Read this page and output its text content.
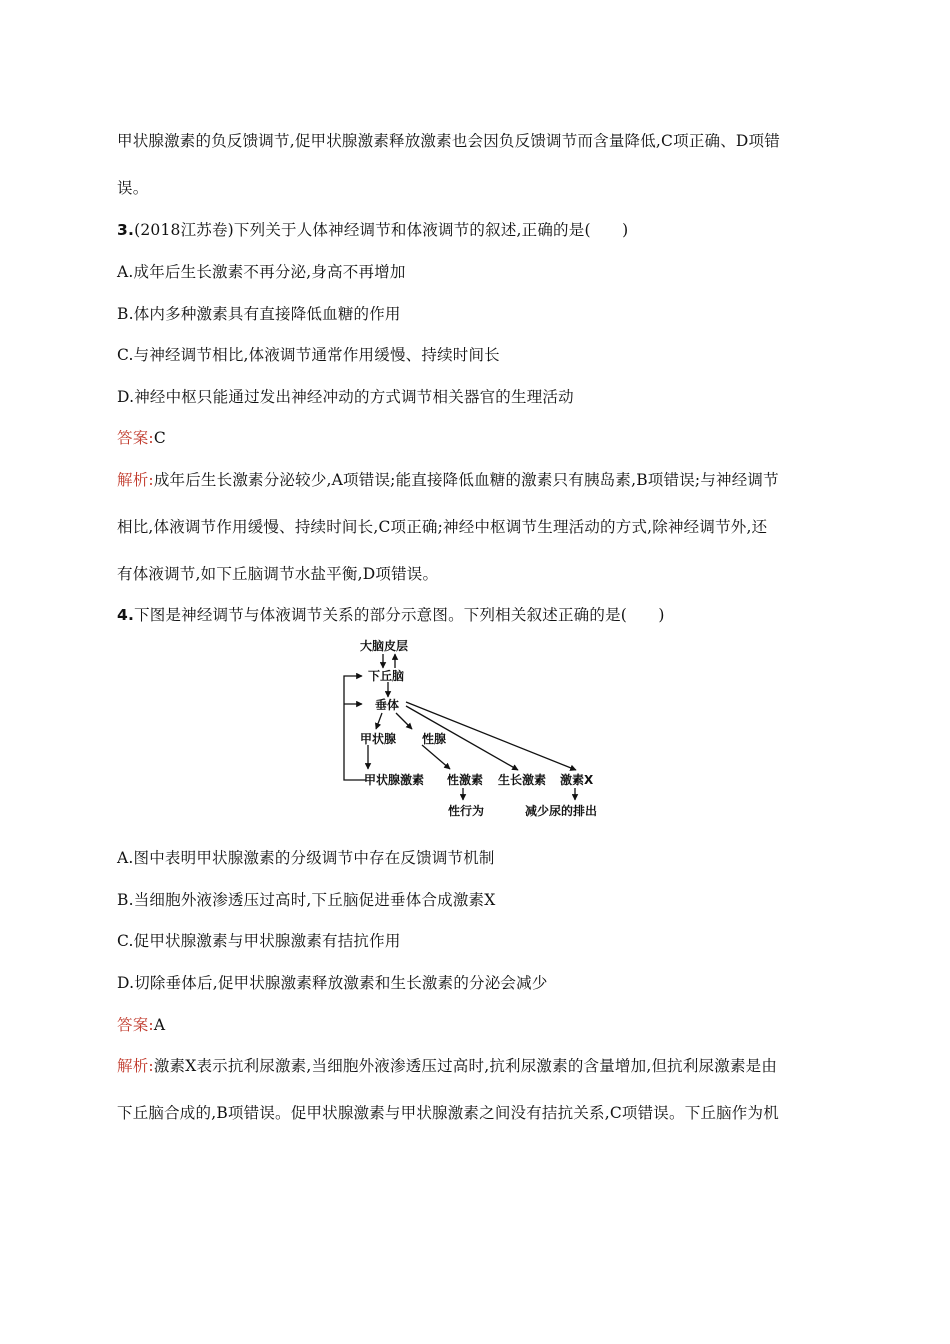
甲状腺激素的负反馈调节,促甲状腺激素释放激素也会因负反馈调节而含量降低,C项正确、D项错
误。
3.(2018江苏卷)下列关于人体神经调节和体液调节的叙述,正确的是(　　)
A.成年后生长激素不再分泌,身高不再增加
B.体内多种激素具有直接降低血糖的作用
C.与神经调节相比,体液调节通常作用缓慢、持续时间长
D.神经中枢只能通过发出神经冲动的方式调节相关器官的生理活动
答案:C
解析:成年后生长激素分泌较少,A项错误;能直接降低血糖的激素只有胰岛素,B项错误;与神经调节
相比,体液调节作用缓慢、持续时间长,C项正确;神经中枢调节生理活动的方式,除神经调节外,还
有体液调节,如下丘脑调节水盐平衡,D项错误。
4.下图是神经调节与体液调节关系的部分示意图。下列相关叙述正确的是(　　)
大脑皮层
下丘脑
垂体
甲状腺 性腺
甲状腺激素 性激素 生长激素 激素X
性行为	减少尿的排出
A.图中表明甲状腺激素的分级调节中存在反馈调节机制
B.当细胞外液渗透压过高时,下丘脑促进垂体合成激素X
C.促甲状腺激素与甲状腺激素有拮抗作用
D.切除垂体后,促甲状腺激素释放激素和生长激素的分泌会减少
答案:A
解析:激素X表示抗利尿激素,当细胞外液渗透压过高时,抗利尿激素的含量增加,但抗利尿激素是由
下丘脑合成的,B项错误。促甲状腺激素与甲状腺激素之间没有拮抗关系,C项错误。下丘脑作为机
